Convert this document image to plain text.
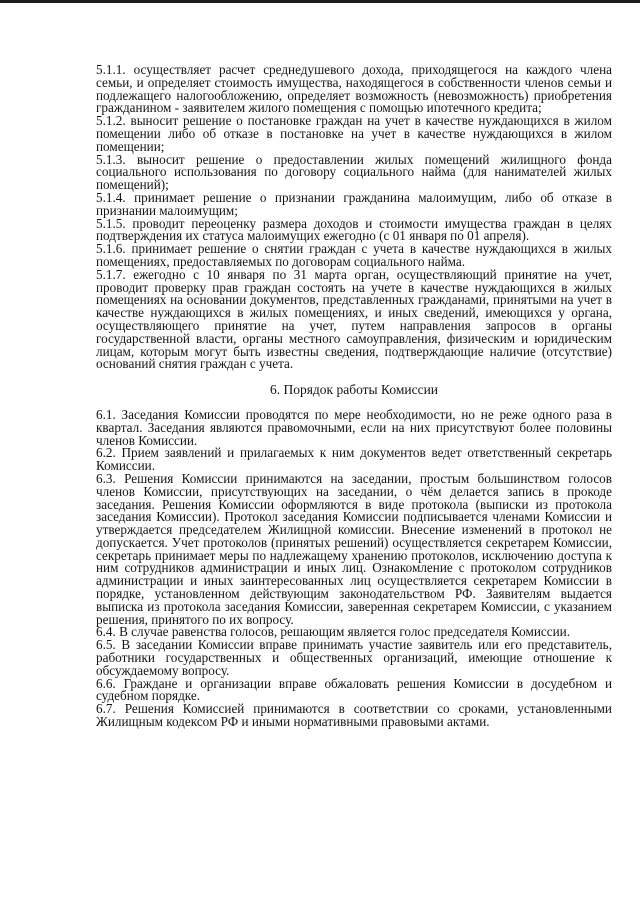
5.1.1. осуществляет расчет среднедушевого дохода, приходящегося на каждого члена семьи, и определяет стоимость имущества, находящегося в собственности членов семьи и подлежащего налогообложению, определяет возможность (невозможность) приобретения гражданином - заявителем жилого помещения с помощью ипотечного кредита;

5.1.2. выносит решение о постановке граждан на учет в качестве нуждающихся в жилом помещении либо об отказе в постановке на учет в качестве нуждающихся в жилом помещении;

5.1.3. выносит решение о предоставлении жилых помещений жилищного фонда социального использования по договору социального найма (для нанимателей жилых помещений);

5.1.4. принимает решение о признании гражданина малоимущим, либо об отказе в признании малоимущим;

5.1.5. проводит переоценку размера доходов и стоимости имущества граждан в целях подтверждения их статуса малоимущих ежегодно (с 01 января по 01 апреля).

5.1.6. принимает решение о снятии граждан с учета в качестве нуждающихся в жилых помещениях, предоставляемых по договорам социального найма.

5.1.7. ежегодно с 10 января по 31 марта орган, осуществляющий принятие на учет, проводит проверку прав граждан состоять на учете в качестве нуждающихся в жилых помещениях на основании документов, представленных гражданами, принятыми на учет в качестве нуждающихся в жилых помещениях, и иных сведений, имеющихся у органа, осуществляющего принятие на учет, путем направления запросов в органы государственной власти, органы местного самоуправления, физическим и юридическим лицам, которым могут быть известны сведения, подтверждающие наличие (отсутствие) оснований снятия граждан с учета.

6. Порядок работы Комиссии

6.1. Заседания Комиссии проводятся по мере необходимости, но не реже одного раза в квартал. Заседания являются правомочными, если на них присутствуют более половины членов Комиссии.

6.2. Прием заявлений и прилагаемых к ним документов ведет ответственный секретарь Комиссии.

6.3. Решения Комиссии принимаются на заседании, простым большинством голосов членов Комиссии, присутствующих на заседании, о чём делается запись в прокоде заседания. Решения Комиссии оформляются в виде протокола (выписки из протокола заседания Комиссии). Протокол заседания Комиссии подписывается членами Комиссии и утверждается председателем Жилищной комиссии. Внесение изменений в протокол не допускается. Учет протоколов (принятых решений) осуществляется секретарем Комиссии, секретарь принимает меры по надлежащему хранению протоколов, исключению доступа к ним сотрудников администрации и иных лиц. Ознакомление с протоколом сотрудников администрации и иных заинтересованных лиц осуществляется секретарем Комиссии в порядке, установленном действующим законодательством РФ. Заявителям выдается выписка из протокола заседания Комиссии, заверенная секретарем Комиссии, с указанием решения, принятого по их вопросу.

6.4. В случае равенства голосов, решающим является голос председателя Комиссии.

6.5. В заседании Комиссии вправе принимать участие заявитель или его представитель, работники государственных и общественных организаций, имеющие отношение к обсуждаемому вопросу.

6.6. Граждане и организации вправе обжаловать решения Комиссии в досудебном и судебном порядке.

6.7. Решения Комиссией принимаются в соответствии со сроками, установленными Жилищным кодексом РФ и иными нормативными правовыми актами.
